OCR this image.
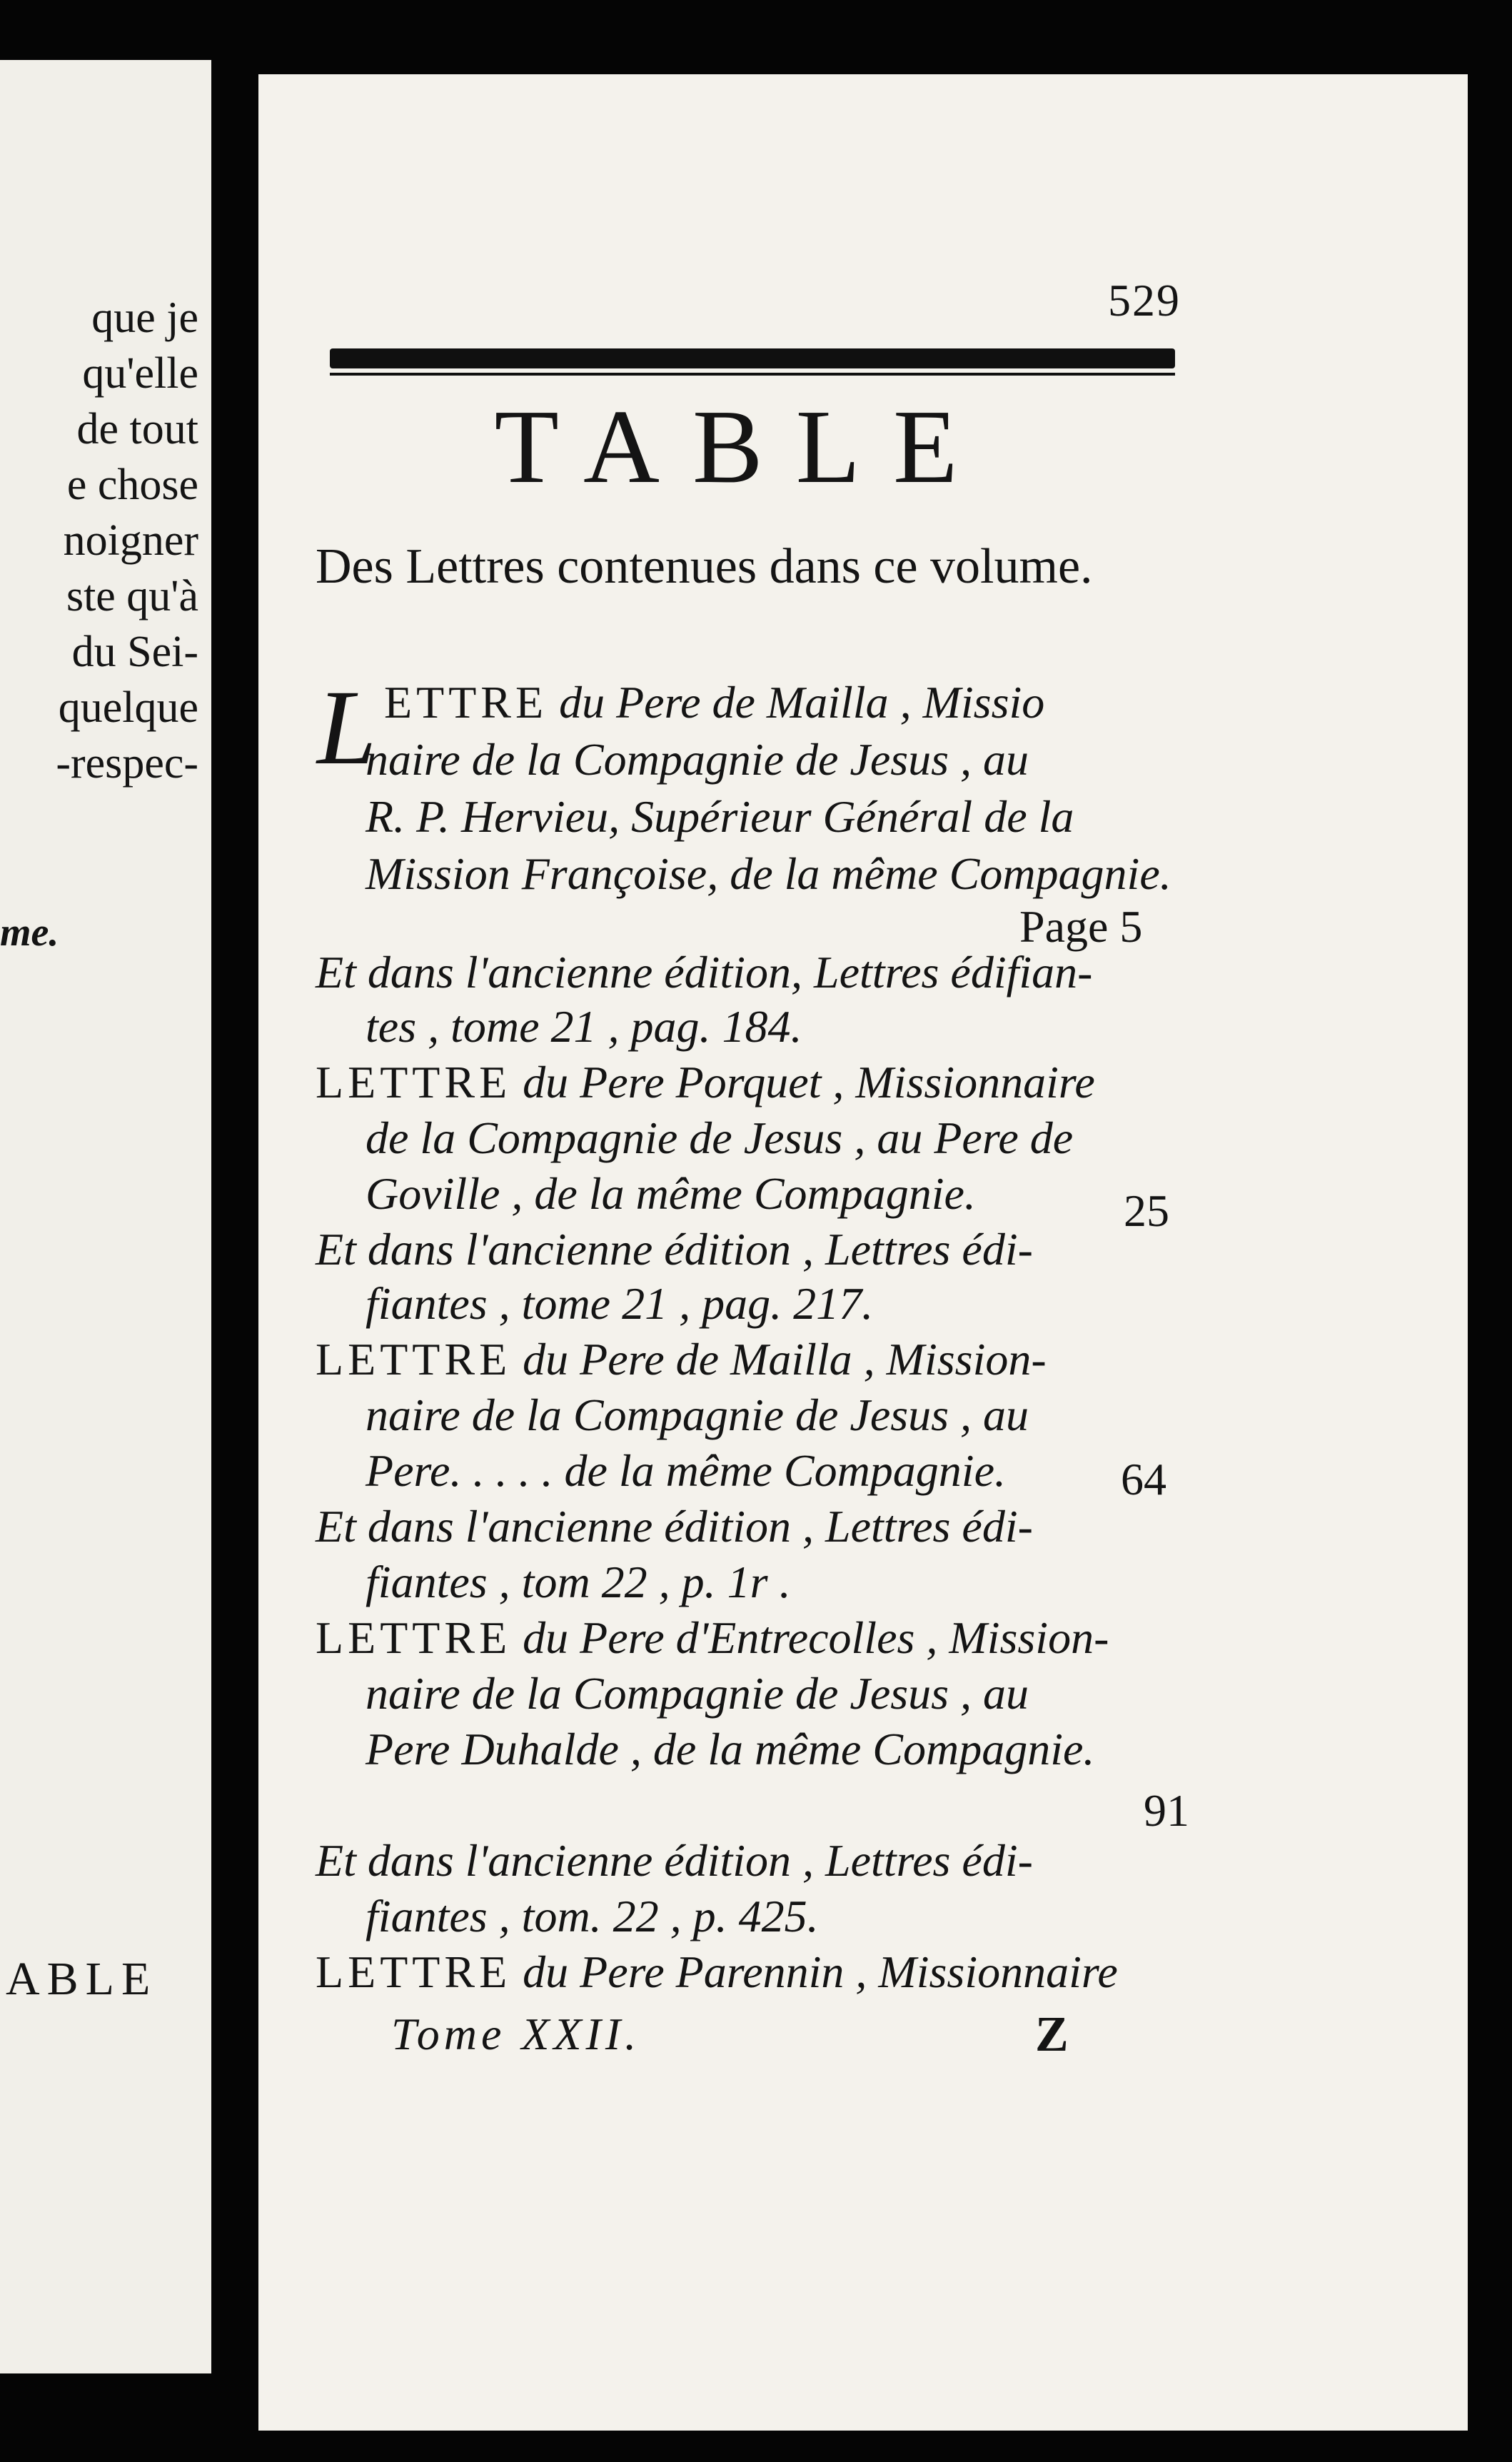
que je
qu'elle
de tout
e chose
noigner
ste qu'à
du Sei-
quelque
-respec-
me.
ABLE
529
TABLE
Des Lettres contenues dans ce volume.
L ETTRE du Pere de Mailla , Missio
naire de la Compagnie de Jesus , au
R. P. Hervieu, Supérieur Général de la
Mission Françoise, de la même Compagnie.
Page 5
Et dans l'ancienne édition, Lettres édifian-
tes , tome 21 , pag. 184.
LETTRE du Pere Porquet , Missionnaire
de la Compagnie de Jesus , au Pere de
Goville , de la même Compagnie.	25
Et dans l'ancienne édition , Lettres édi-
fiantes , tome 21 , pag. 217.
LETTRE du Pere de Mailla , Mission-
naire de la Compagnie de Jesus , au
Pere. . . . . de la même Compagnie.	64
Et dans l'ancienne édition , Lettres édi-
fiantes , tom 22 , p. 1r .
LETTRE du Pere d'Entrecolles , Mission-
naire de la Compagnie de Jesus , au
Pere Duhalde , de la même Compagnie.
91
Et dans l'ancienne édition , Lettres édi-
fiantes , tom. 22 , p. 425.
LETTRE du Pere Parennin , Missionnaire
Tome XXII.	Z
